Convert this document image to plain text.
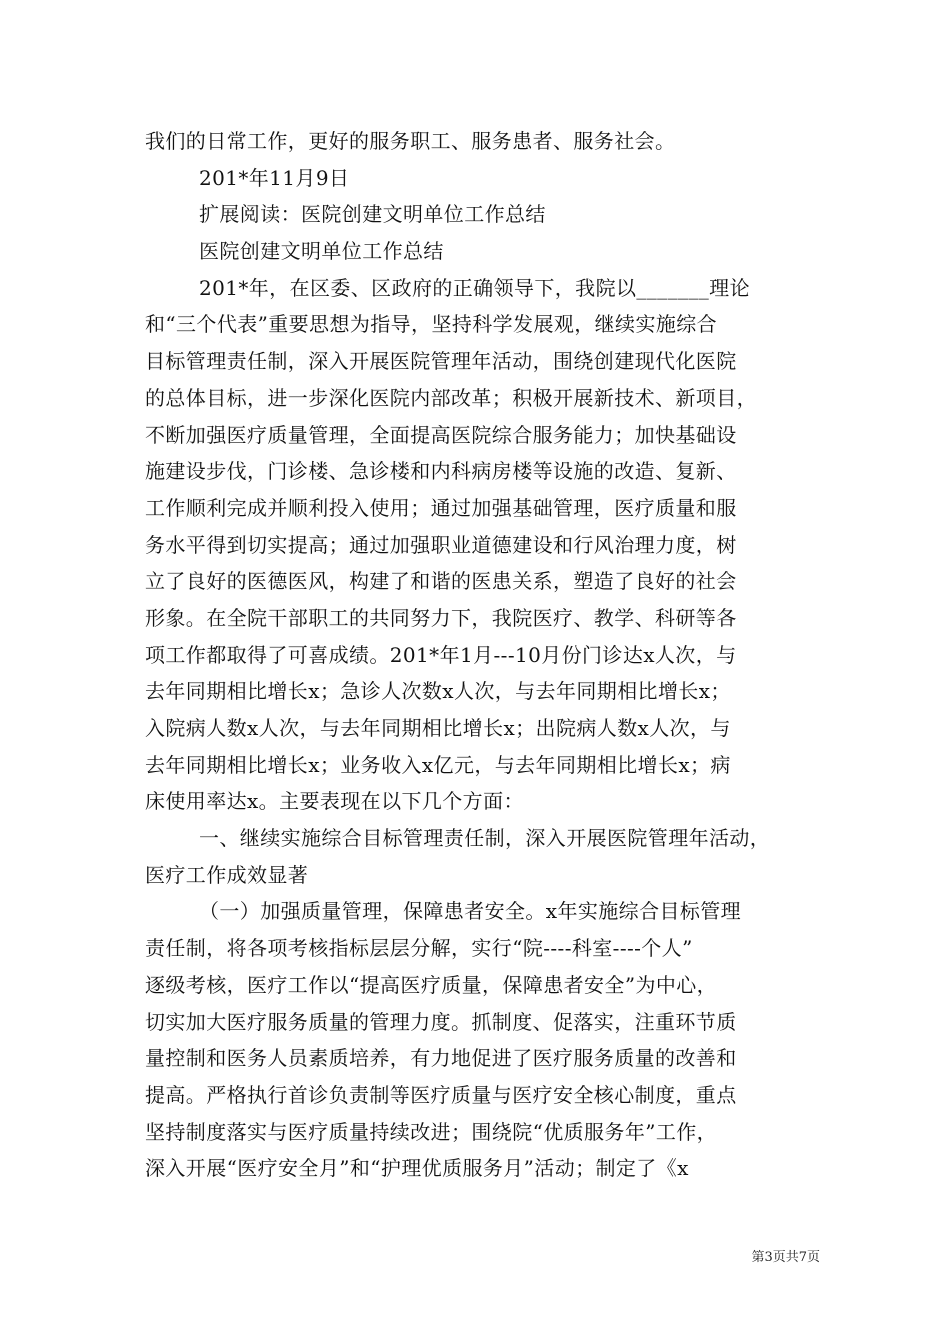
我们的日常工作，更好的服务职工、服务患者、服务社会。
201*年11月9日
扩展阅读：医院创建文明单位工作总结
医院创建文明单位工作总结
201*年，在区委、区政府的正确领导下，我院以_______理论
和“三个代表”重要思想为指导，坚持科学发展观，继续实施综合
目标管理责任制，深入开展医院管理年活动，围绕创建现代化医院
的总体目标，进一步深化医院内部改革；积极开展新技术、新项目，
不断加强医疗质量管理，全面提高医院综合服务能力；加快基础设
施建设步伐，门诊楼、急诊楼和内科病房楼等设施的改造、复新、
工作顺利完成并顺利投入使用；通过加强基础管理，医疗质量和服
务水平得到切实提高；通过加强职业道德建设和行风治理力度，树
立了良好的医德医风，构建了和谐的医患关系，塑造了良好的社会
形象。在全院干部职工的共同努力下，我院医疗、教学、科研等各
项工作都取得了可喜成绩。201*年1月---10月份门诊达x人次，与
去年同期相比增长x；急诊人次数x人次，与去年同期相比增长x；
入院病人数x人次，与去年同期相比增长x；出院病人数x人次，与
去年同期相比增长x；业务收入x亿元，与去年同期相比增长x；病
床使用率达x。主要表现在以下几个方面：
一、继续实施综合目标管理责任制，深入开展医院管理年活动，
医疗工作成效显著
（一）加强质量管理，保障患者安全。x年实施综合目标管理
责任制，将各项考核指标层层分解，实行“院----科室----个人”
逐级考核，医疗工作以“提高医疗质量，保障患者安全”为中心，
切实加大医疗服务质量的管理力度。抓制度、促落实，注重环节质
量控制和医务人员素质培养，有力地促进了医疗服务质量的改善和
提高。严格执行首诊负责制等医疗质量与医疗安全核心制度，重点
坚持制度落实与医疗质量持续改进；围绕院“优质服务年”工作，
深入开展“医疗安全月”和“护理优质服务月”活动；制定了《x
第3页共7页
